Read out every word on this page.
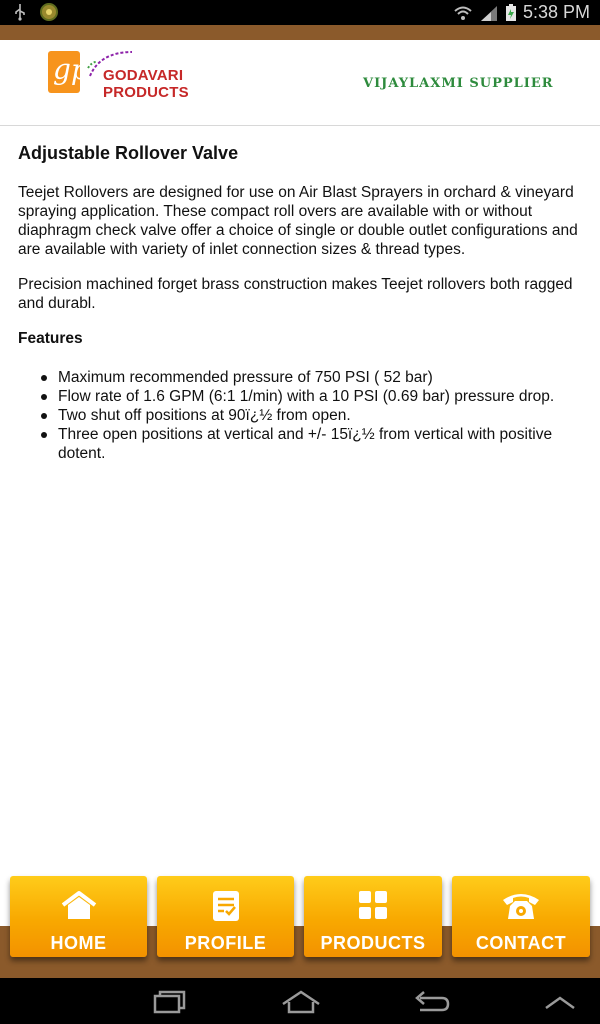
5:38 PM
gp GODAVARI
PRODUCTS
VIJAYLAXMI SUPPLIER
Adjustable Rollover Valve

Teejet Rollovers are designed for use on Air Blast Sprayers in orchard & vineyard spraying application. These compact roll overs are available with or without diaphragm check valve offer a choice of single or double outlet configurations and are available with variety of inlet connection sizes & thread types.

Precision machined forget brass construction makes Teejet rollovers both ragged and durabl.

Features
Maximum recommended pressure of 750 PSI ( 52 bar)
Flow rate of 1.6 GPM (6:1 1/min) with a 10 PSI (0.69 bar) pressure drop.
Two shut off positions at 90ï¿½ from open.
Three open positions at vertical and +/- 15ï¿½ from vertical with positive dotent.
HOME	PROFILE	PRODUCTS	CONTACT
